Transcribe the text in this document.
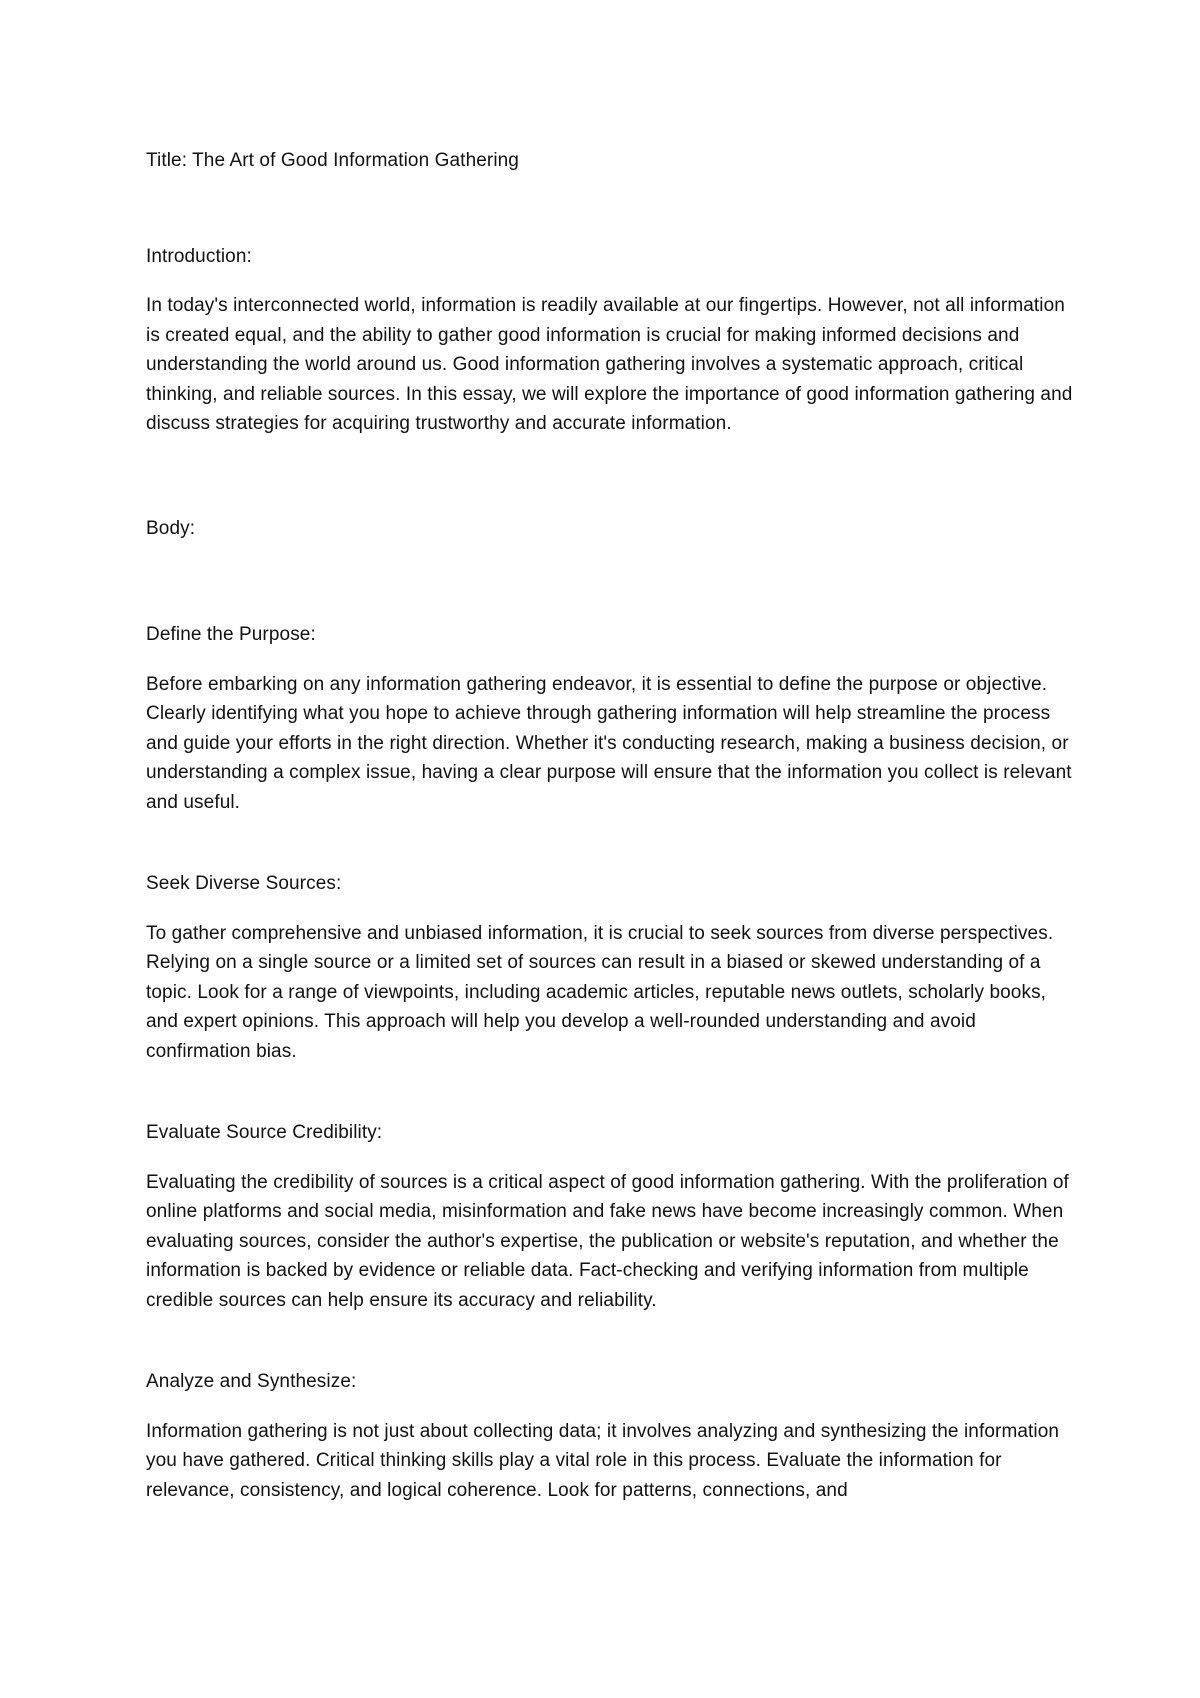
Title: The Art of Good Information Gathering
Introduction:

In today's interconnected world, information is readily available at our fingertips. However, not all information is created equal, and the ability to gather good information is crucial for making informed decisions and understanding the world around us. Good information gathering involves a systematic approach, critical thinking, and reliable sources. In this essay, we will explore the importance of good information gathering and discuss strategies for acquiring trustworthy and accurate information.

Body:
Define the Purpose:

Before embarking on any information gathering endeavor, it is essential to define the purpose or objective. Clearly identifying what you hope to achieve through gathering information will help streamline the process and guide your efforts in the right direction. Whether it's conducting research, making a business decision, or understanding a complex issue, having a clear purpose will ensure that the information you collect is relevant and useful.

Seek Diverse Sources:

To gather comprehensive and unbiased information, it is crucial to seek sources from diverse perspectives. Relying on a single source or a limited set of sources can result in a biased or skewed understanding of a topic. Look for a range of viewpoints, including academic articles, reputable news outlets, scholarly books, and expert opinions. This approach will help you develop a well-rounded understanding and avoid confirmation bias.

Evaluate Source Credibility:

Evaluating the credibility of sources is a critical aspect of good information gathering. With the proliferation of online platforms and social media, misinformation and fake news have become increasingly common. When evaluating sources, consider the author's expertise, the publication or website's reputation, and whether the information is backed by evidence or reliable data. Fact-checking and verifying information from multiple credible sources can help ensure its accuracy and reliability.

Analyze and Synthesize:

Information gathering is not just about collecting data; it involves analyzing and synthesizing the information you have gathered. Critical thinking skills play a vital role in this process. Evaluate the information for relevance, consistency, and logical coherence. Look for patterns, connections, and
